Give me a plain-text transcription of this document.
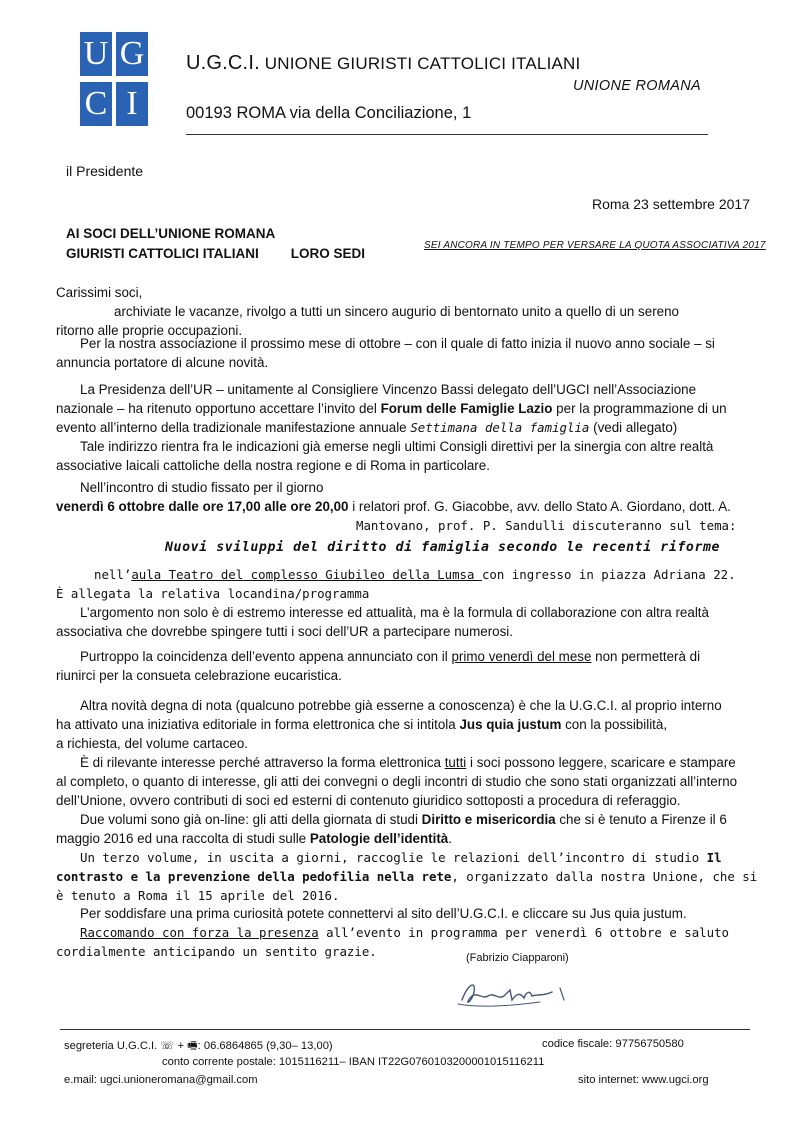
U G
C I
U.G.C.I. UNIONE GIURISTI CATTOLICI ITALIANI
UNIONE ROMANA
00193 ROMA via della Conciliazione, 1
il Presidente
Roma 23 settembre 2017
AI SOCI DELL’UNIONE ROMANA
GIURISTI CATTOLICI ITALIANI LORO SEDI
SEI ANCORA IN TEMPO PER VERSARE LA QUOTA ASSOCIATIVA 2017
Carissimi soci,
archiviate le vacanze, rivolgo a tutti un sincero augurio di bentornato unito a quello di un sereno
ritorno alle proprie occupazioni.
Per la nostra associazione il prossimo mese di ottobre – con il quale di fatto inizia il nuovo anno sociale – si
annuncia portatore di alcune novità.
La Presidenza dell’UR – unitamente al Consigliere Vincenzo Bassi delegato dell’UGCI nell’Associazione
nazionale – ha ritenuto opportuno accettare l’invito del Forum delle Famiglie Lazio per la programmazione di un
evento all’interno della tradizionale manifestazione annuale Settimana della famiglia (vedi allegato)
Tale indirizzo rientra fra le indicazioni già emerse negli ultimi Consigli direttivi per la sinergia con altre realtà
associative laicali cattoliche della nostra regione e di Roma in particolare.
Nell’incontro di studio fissato per il giorno
venerdì 6 ottobre dalle ore 17,00 alle ore 20,00 i relatori prof. G. Giacobbe, avv. dello Stato A. Giordano, dott. A.
Mantovano, prof. P. Sandulli discuteranno sul tema:
Nuovi sviluppi del diritto di famiglia secondo le recenti riforme
nell’aula Teatro del complesso Giubileo della Lumsa con ingresso in piazza Adriana 22.
È allegata la relativa locandina/programma
L’argomento non solo è di estremo interesse ed attualità, ma è la formula di collaborazione con altra realtà
associativa che dovrebbe spingere tutti i soci dell’UR a partecipare numerosi.
Purtroppo la coincidenza dell’evento appena annunciato con il primo venerdì del mese non permetterà di
riunirci per la consueta celebrazione eucaristica.
Altra novità degna di nota (qualcuno potrebbe già esserne a conoscenza) è che la U.G.C.I. al proprio interno
ha attivato una iniziativa editoriale in forma elettronica che si intitola Jus quia justum con la possibilità,
a richiesta, del volume cartaceo.
È di rilevante interesse perché attraverso la forma elettronica tutti i soci possono leggere, scaricare e stampare
al completo, o quanto di interesse, gli atti dei convegni o degli incontri di studio che sono stati organizzati all’interno
dell’Unione, ovvero contributi di soci ed esterni di contenuto giuridico sottoposti a procedura di referaggio.
Due volumi sono già on-line: gli atti della giornata di studi Diritto e misericordia che si è tenuto a Firenze il 6
maggio 2016 ed una raccolta di studi sulle Patologie dell’identità.
Un terzo volume, in uscita a giorni, raccoglie le relazioni dell’incontro di studio Il
contrasto e la prevenzione della pedofilia nella rete, organizzato dalla nostra Unione, che si
è tenuto a Roma il 15 aprile del 2016.
Per soddisfare una prima curiosità potete connettervi al sito dell’U.G.C.I. e cliccare su Jus quia justum.
Raccomando con forza la presenza all’evento in programma per venerdì 6 ottobre e saluto
cordialmente anticipando un sentito grazie.	(Fabrizio Ciapparoni)
segreteria U.G.C.I. ☏ + 🖷: 06.6864865 (9,30– 13,00)	codice fiscale: 97756750580
conto corrente postale: 1015116211– IBAN IT22G0760103200001015116211
e.mail: ugci.unioneromana@gmail.com	sito internet: www.ugci.org
